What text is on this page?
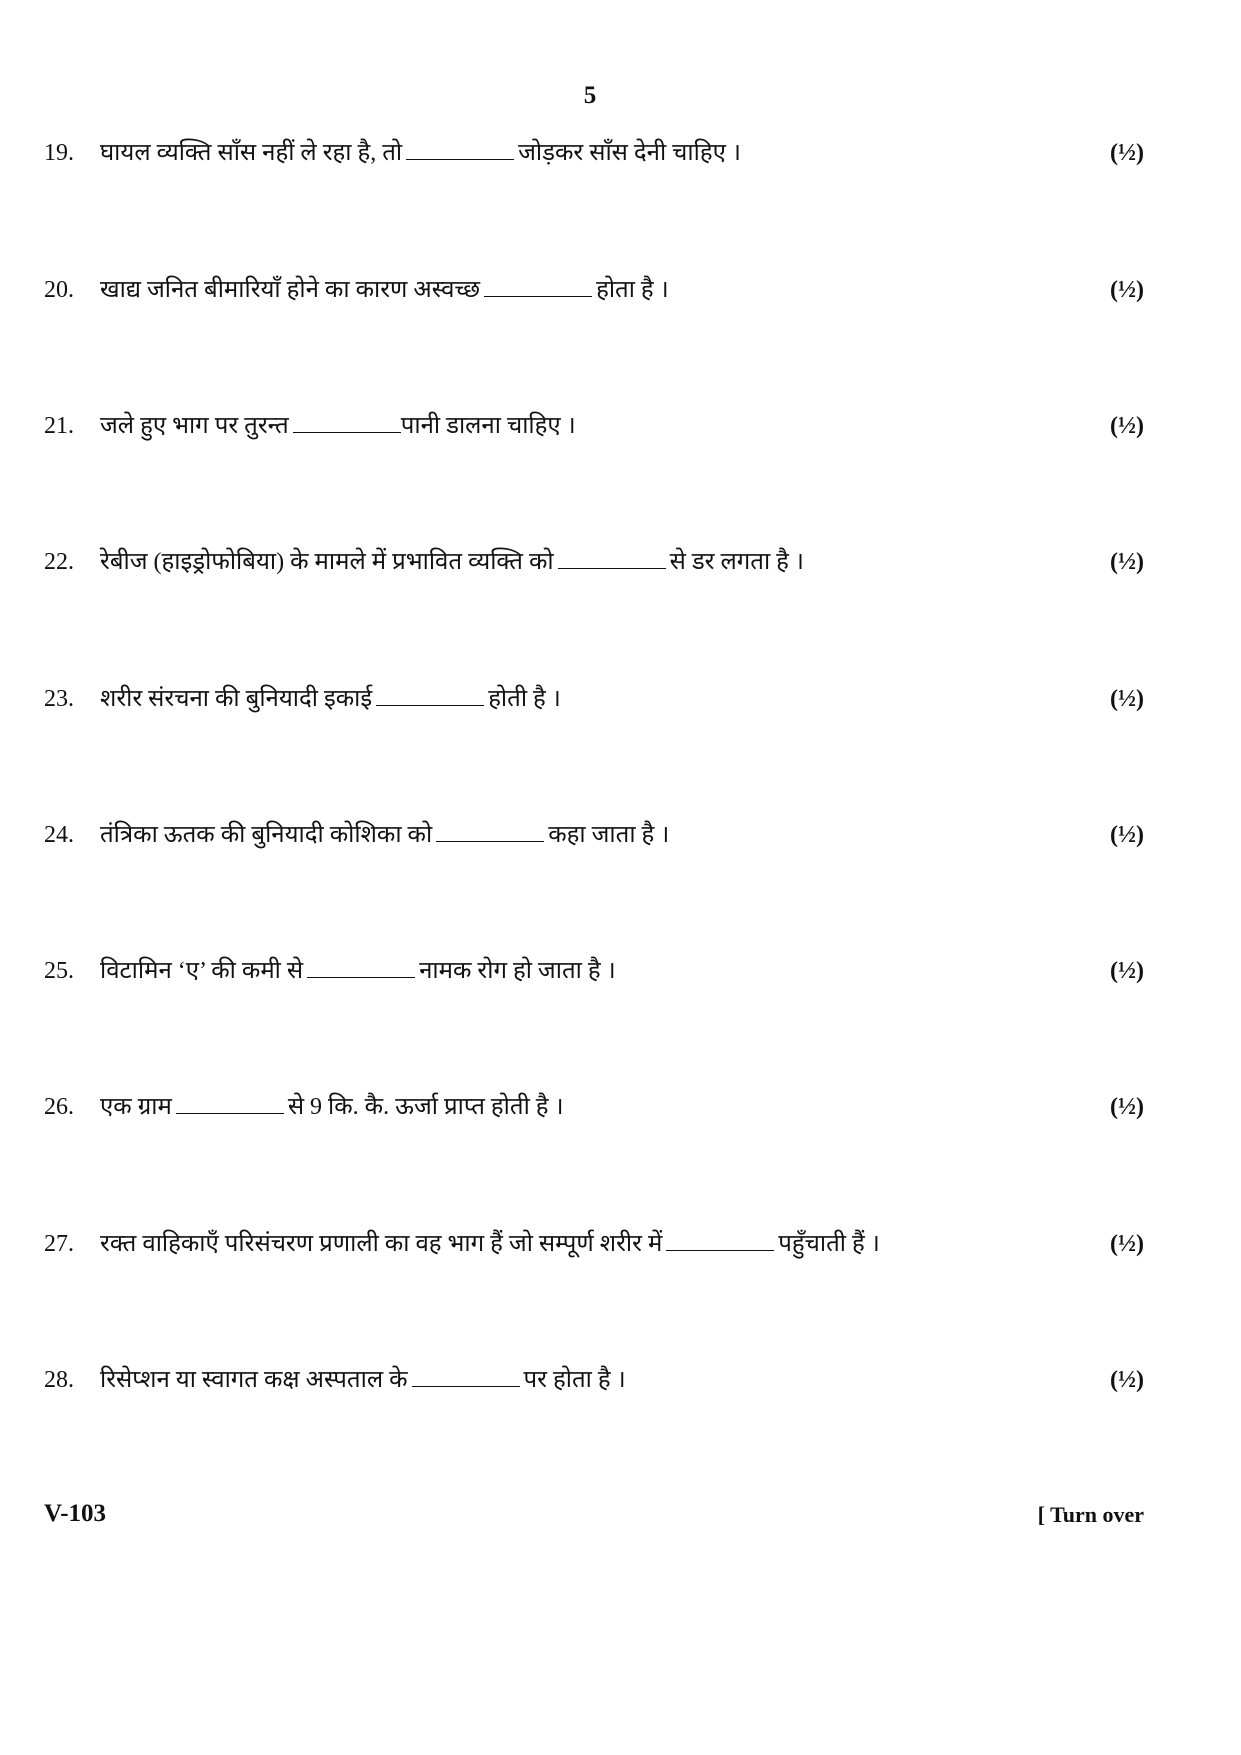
5
19. घायल व्यक्ति साँस नहीं ले रहा है, तो	जोड़कर साँस देनी चाहिए ।	(½)
20. खाद्य जनित बीमारियाँ होने का कारण अस्वच्छ	होता है ।	(½)
21. जले हुए भाग पर तुरन्त	पानी डालना चाहिए ।	(½)
22. रेबीज (हाइड्रोफोबिया) के मामले में प्रभावित व्यक्ति को	से डर लगता है ।	(½)
23. शरीर संरचना की बुनियादी इकाई	होती है ।	(½)
24. तंत्रिका ऊतक की बुनियादी कोशिका को	कहा जाता है ।	(½)
25. विटामिन ‘ए’ की कमी से	नामक रोग हो जाता है ।	(½)
26. एक ग्राम	से 9 कि. कै. ऊर्जा प्राप्त होती है ।	(½)
27. रक्त वाहिकाएँ परिसंचरण प्रणाली का वह भाग हैं जो सम्पूर्ण शरीर में	पहुँचाती हैं ।	(½)
28. रिसेप्शन या स्वागत कक्ष अस्पताल के	पर होता है ।	(½)
V-103	[ Turn over
